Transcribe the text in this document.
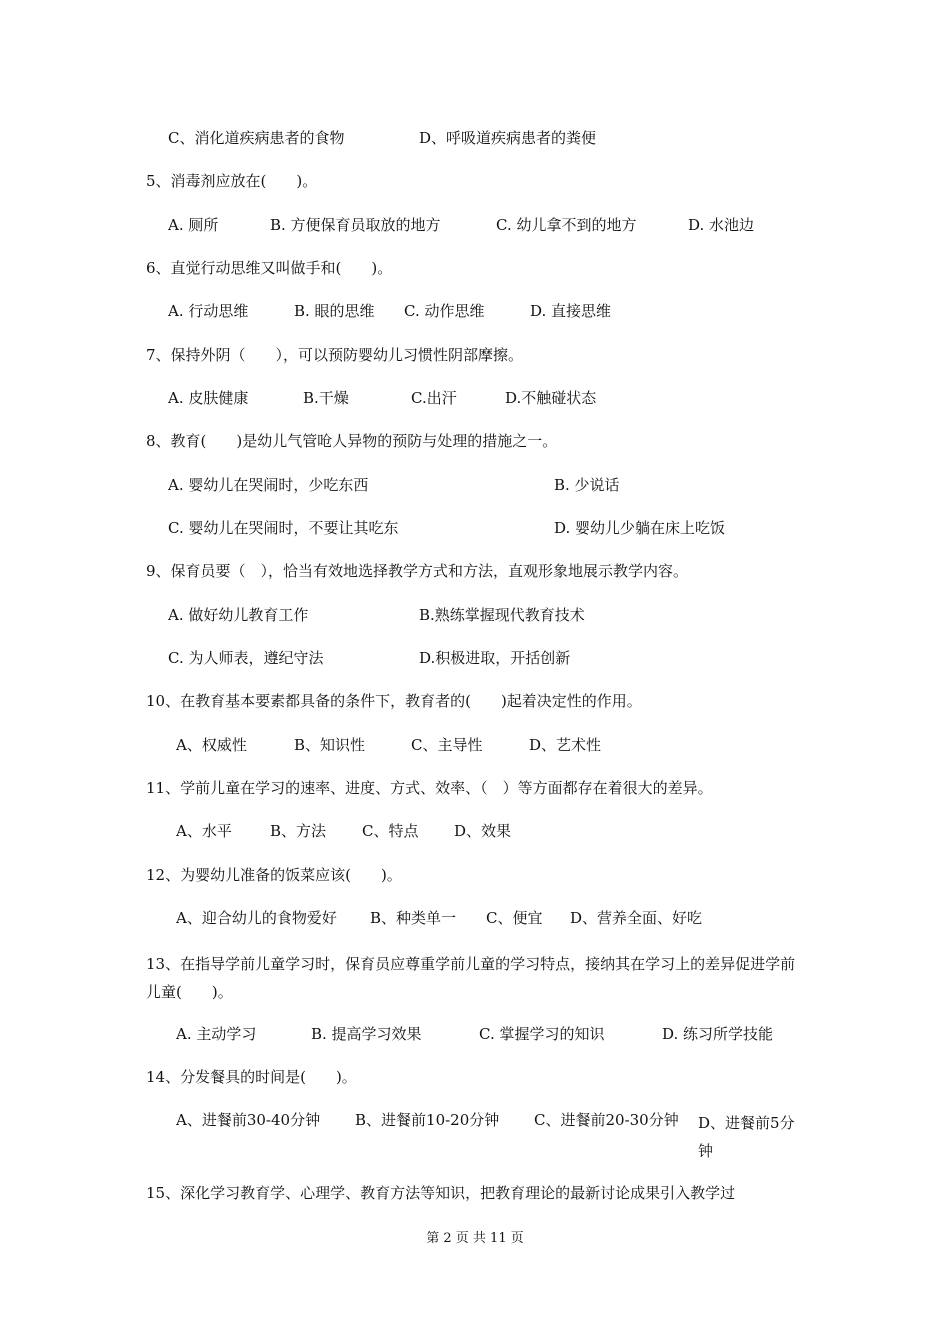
C、消化道疾病患者的食物	D、呼吸道疾病患者的粪便
5、消毒剂应放在(　　)。
A. 厕所	B. 方便保育员取放的地方	C. 幼儿拿不到的地方	D. 水池边
6、直觉行动思维又叫做手和(　　)。
A. 行动思维	B. 眼的思维 C. 动作思维	D. 直接思维
7、保持外阴（　　），可以预防婴幼儿习惯性阴部摩擦。
A. 皮肤健康	B.干燥	C.出汗	D.不触碰状态
8、教育(　　)是幼儿气管呛人异物的预防与处理的措施之一。
A. 婴幼儿在哭闹时，少吃东西	B. 少说话
C. 婴幼儿在哭闹时，不要让其吃东	D. 婴幼儿少躺在床上吃饭
9、保育员要（　），恰当有效地选择教学方式和方法，直观形象地展示教学内容。
A. 做好幼儿教育工作	B.熟练掌握现代教育技术
C. 为人师表，遵纪守法	D.积极进取，开括创新
10、在教育基本要素都具备的条件下，教育者的(　　)起着决定性的作用。
A、权威性	B、知识性	C、主导性	D、艺术性
11、学前儿童在学习的速率、进度、方式、效率、（　）等方面都存在着很大的差异。
A、水平	B、方法 C、特点 D、效果
12、为婴幼儿准备的饭菜应该(　　)。
A、迎合幼儿的食物爱好 B、种类单一 C、便宜 D、营养全面、好吃
13、在指导学前儿童学习时，保育员应尊重学前儿童的学习特点，接纳其在学习上的差异促进学前儿童(　　)。
A. 主动学习	B. 提高学习效果	C. 掌握学习的知识	D. 练习所学技能
14、分发餐具的时间是(　　)。
A、进餐前30-40分钟 B、进餐前10-20分钟 C、进餐前20-30分钟	D、进餐前5分钟
15、深化学习教育学、心理学、教育方法等知识，把教育理论的最新讨论成果引入教学过
第 2 页 共 11 页
